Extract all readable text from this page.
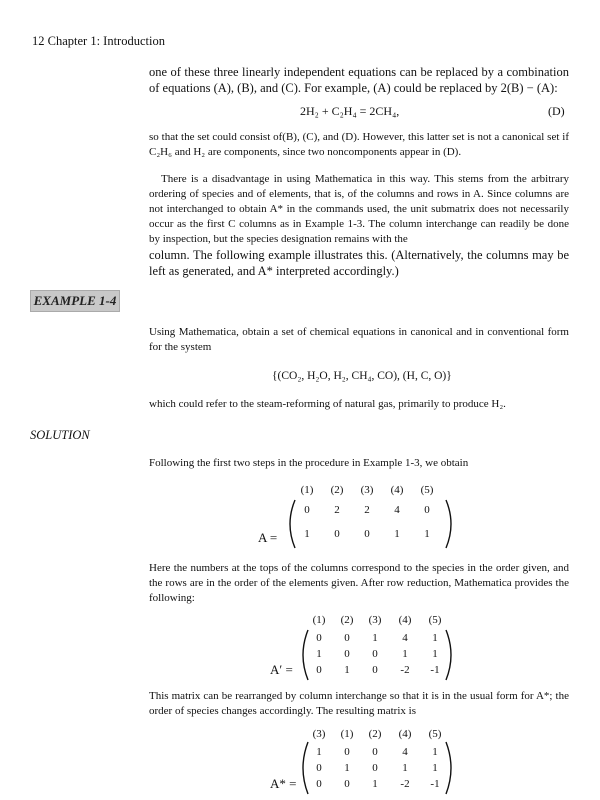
12 Chapter 1: Introduction

one of these three linearly independent equations can be replaced by a combination of equations (A), (B), and (C). For example, (A) could be replaced by 2(B) − (A):

2H₂ + C₂H₄ = 2CH₄,	(D)

so that the set could consist of(B), (C), and (D). However, this latter set is not a canonical set if C₂H₆ and H₂ are components, since two noncomponents appear in (D).

There is a disadvantage in using Mathematica in this way. This stems from the arbitrary ordering of species and of elements, that is, of the columns and rows in A. Since columns are not interchanged to obtain A* in the commands used, the unit submatrix does not necessarily occur as the first C columns as in Example 1-3. The column interchange can readily be done by inspection, but the species designation remains with the

column. The following example illustrates this. (Alternatively, the columns may be left as generated, and A* interpreted accordingly.)

EXAMPLE 1-4

Using Mathematica, obtain a set of chemical equations in canonical and in conventional form for the system

{(CO₂, H₂O, H₂, CH₄, CO), (H, C, O)}

which could refer to the steam-reforming of natural gas, primarily to produce H₂.

SOLUTION

Following the first two steps in the procedure in Example 1-3, we obtain

(1)	(2)	(3)	(4)	(5)
0	2	2	4	0
1	0	0	1	1
A =

Here the numbers at the tops of the columns correspond to the species in the order given, and the rows are in the order of the elements given. After row reduction, Mathematica provides the following:

(1)	(2)	(3)	(4)	(5)
0	0	1	4	1
1	0	0	1	1
0	1	0	-2	-1
A′ =

This matrix can be rearranged by column interchange so that it is in the usual form for A*; the order of species changes accordingly. The resulting matrix is

(3)	(1)	(2)	(4)	(5)
1	0	0	4	1
0	1	0	1	1
0	0	1	-2	-1
A* =
